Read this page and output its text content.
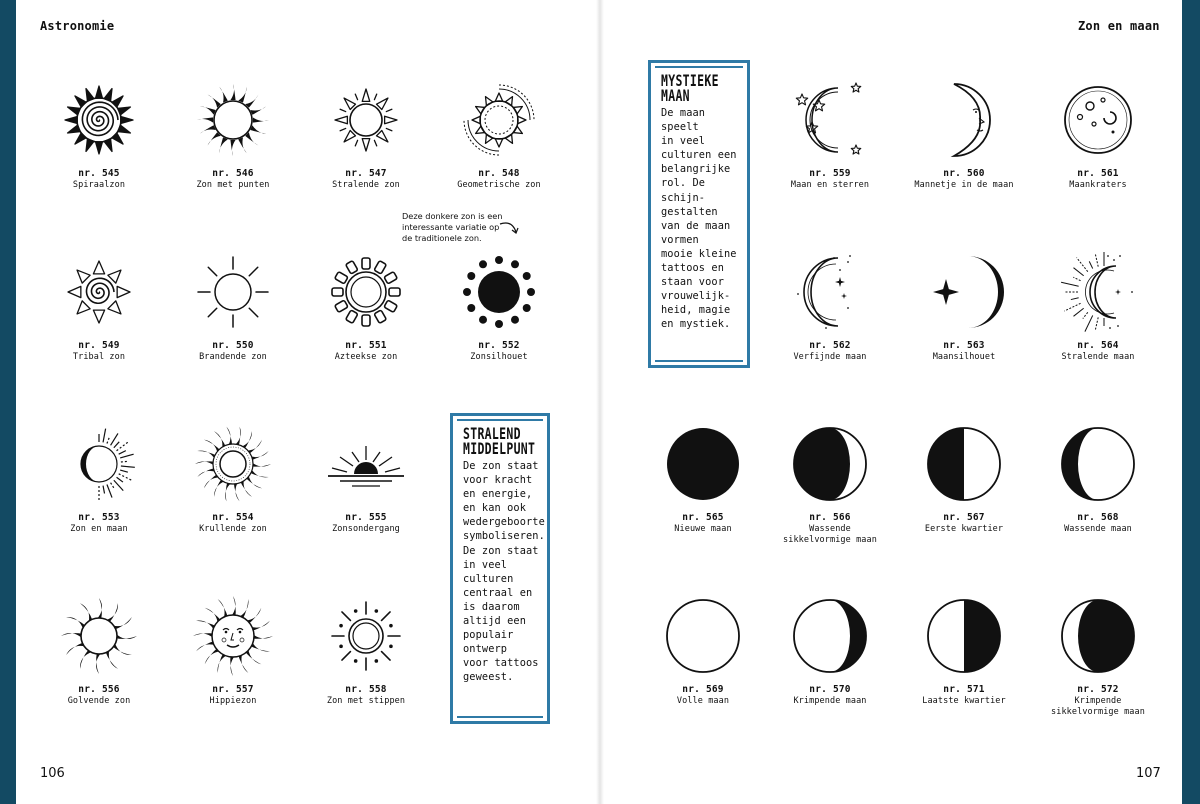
Astronomie	Zon en maan
106	107
Deze donkere zon is een
interessante variatie op
de traditionele zon.
STRALEND
MIDDELPUNT

De zon staat
voor kracht
en energie,
en kan ook
wedergeboorte
symboliseren.
De zon staat
in veel
culturen
centraal en
is daarom
altijd een
populair
ontwerp
voor tattoos
geweest.

MYSTIEKE
MAAN

De maan
speelt
in veel
culturen een
belangrijke
rol. De
schijn-
gestalten
van de maan
vormen
mooie kleine
tattoos en
staan voor
vrouwelijk-
heid, magie
en mystiek.

nr. 545
Spiraalzon
nr. 546
Zon met punten
nr. 547
Stralende zon
nr. 548
Geometrische zon
nr. 549
Tribal zon
nr. 550
Brandende zon
nr. 551
Azteekse zon
nr. 552
Zonsilhouet
nr. 553
Zon en maan
nr. 554
Krullende zon
nr. 555
Zonsondergang
nr. 556
Golvende zon
nr. 557
Hippiezon
nr. 558
Zon met stippen
nr. 559
Maan en sterren
nr. 560
Mannetje in de maan
nr. 561
Maankraters
nr. 562
Verfijnde maan
nr. 563
Maansilhouet
nr. 564
Stralende maan
nr. 565
Nieuwe maan
nr. 566
Wassende
sikkelvormige maan
nr. 567
Eerste kwartier
nr. 568
Wassende maan
nr. 569
Volle maan
nr. 570
Krimpende maan
nr. 571
Laatste kwartier
nr. 572
Krimpende
sikkelvormige maan
